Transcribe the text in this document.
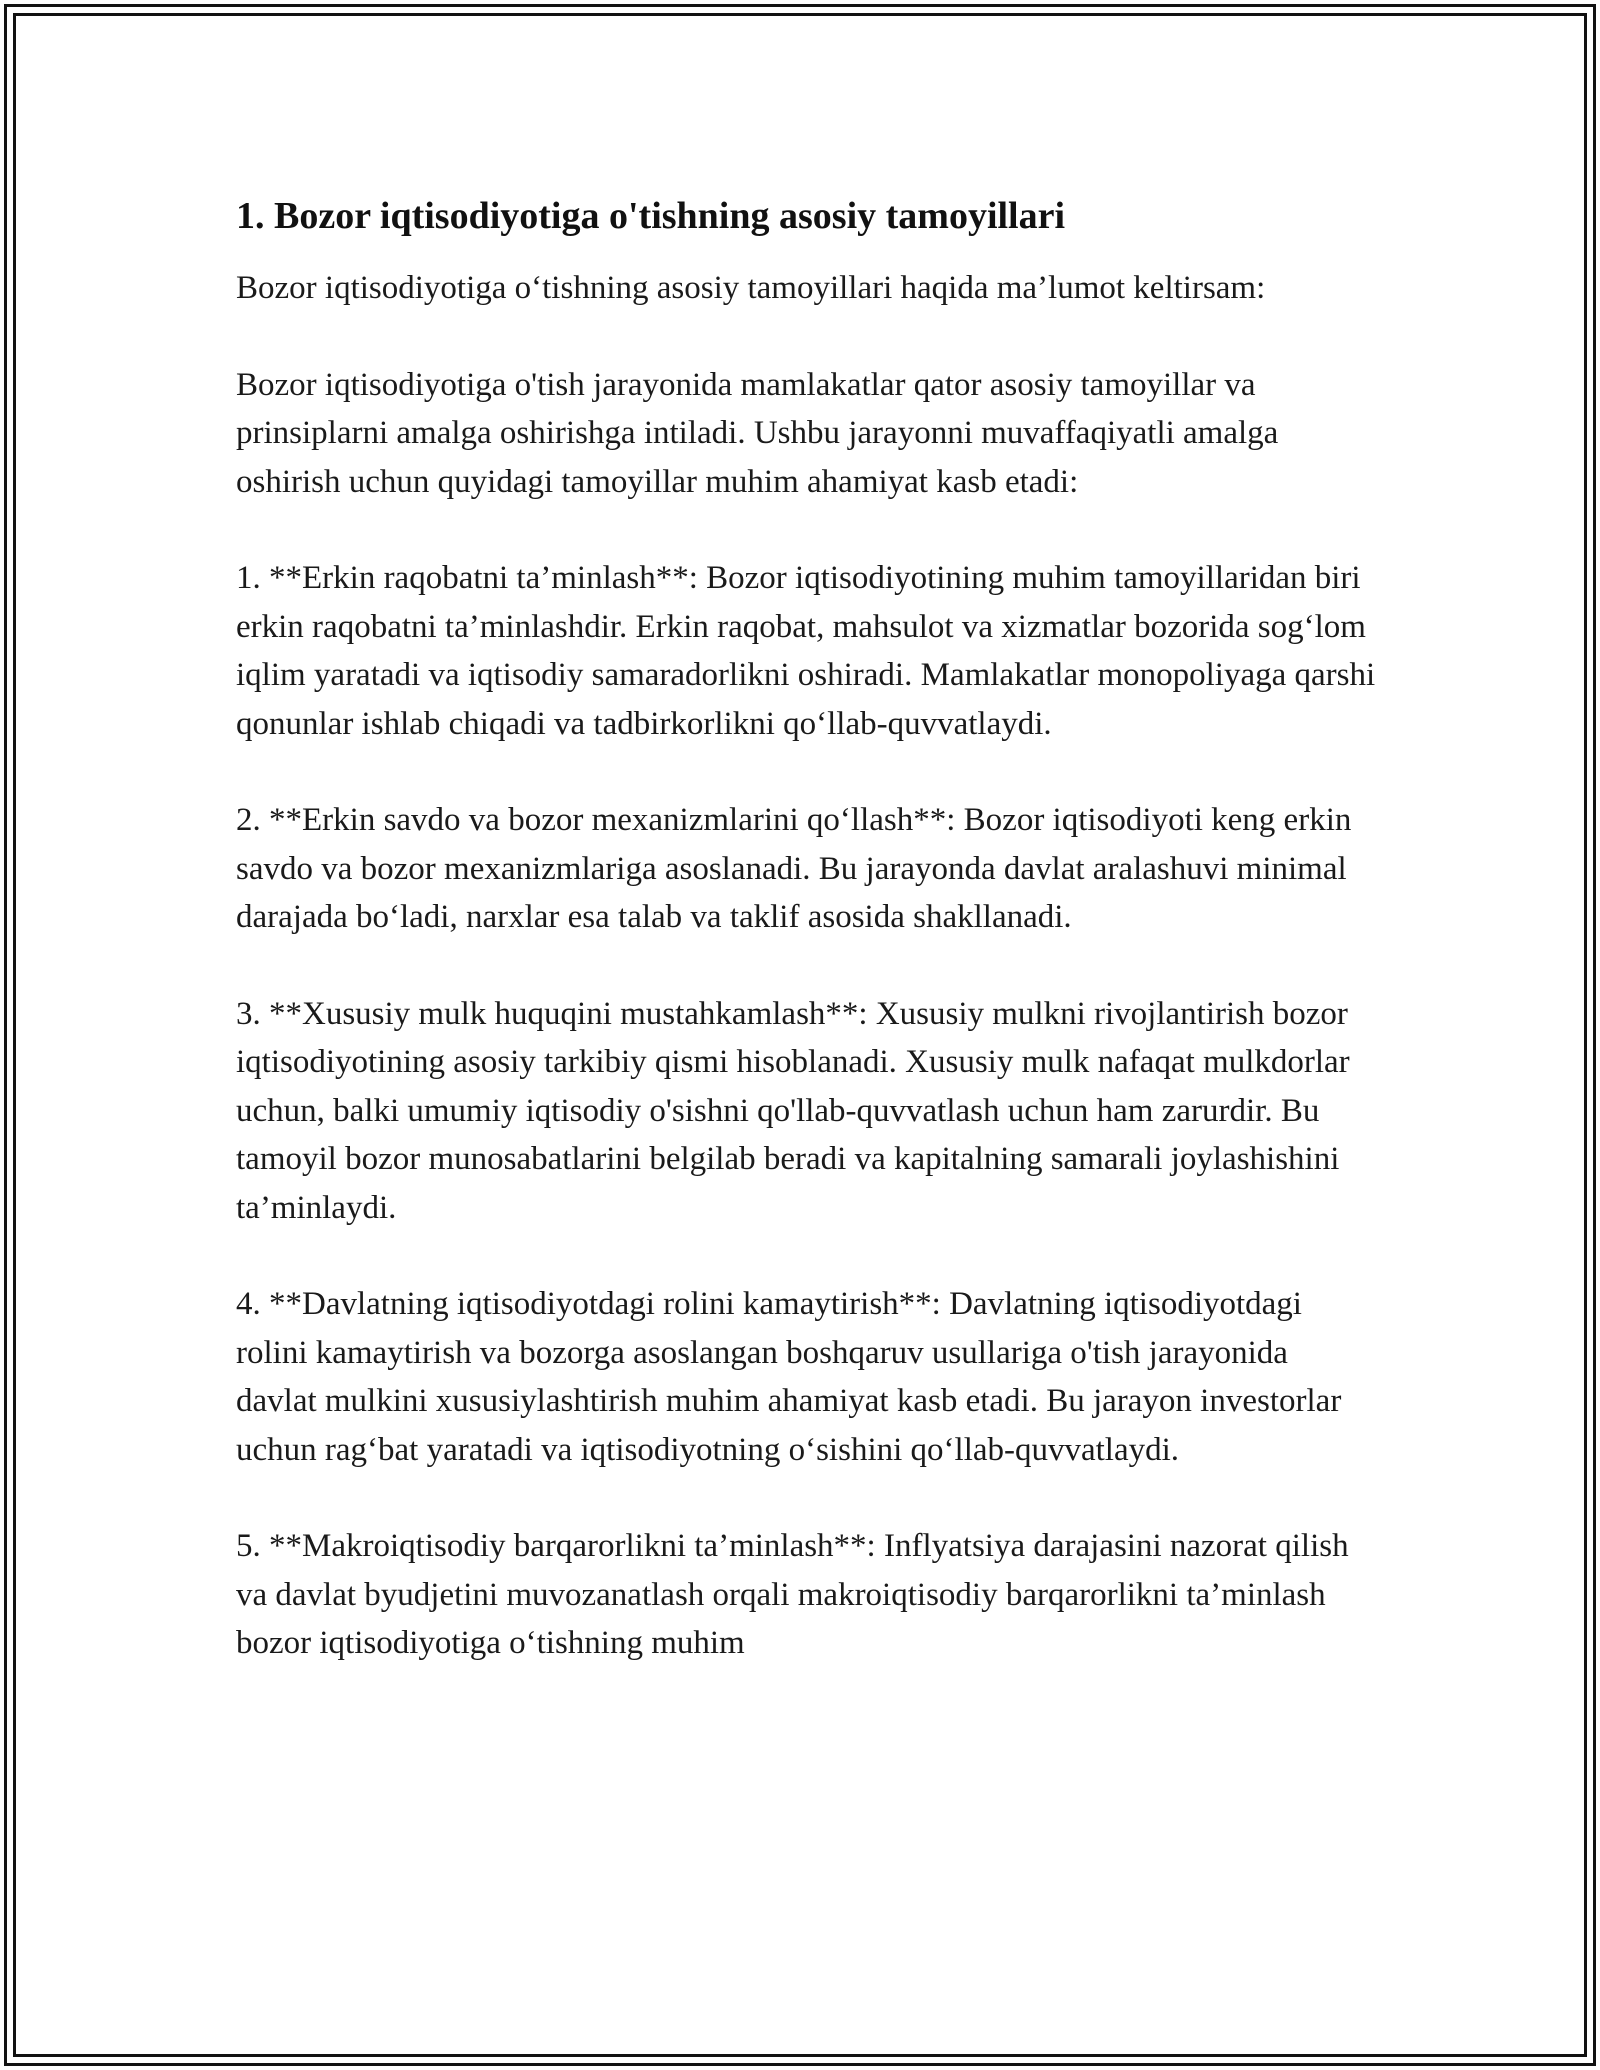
1. Bozor iqtisodiyotiga o'tishning asosiy tamoyillari

Bozor iqtisodiyotiga o‘tishning asosiy tamoyillari haqida ma’lumot keltirsam:

Bozor iqtisodiyotiga o'tish jarayonida mamlakatlar qator asosiy tamoyillar va prinsiplarni amalga oshirishga intiladi. Ushbu jarayonni muvaffaqiyatli amalga oshirish uchun quyidagi tamoyillar muhim ahamiyat kasb etadi:

1. **Erkin raqobatni ta’minlash**: Bozor iqtisodiyotining muhim tamoyillaridan biri erkin raqobatni ta’minlashdir. Erkin raqobat, mahsulot va xizmatlar bozorida sog‘lom iqlim yaratadi va iqtisodiy samaradorlikni oshiradi. Mamlakatlar monopoliyaga qarshi qonunlar ishlab chiqadi va tadbirkorlikni qo‘llab-quvvatlaydi.

2. **Erkin savdo va bozor mexanizmlarini qo‘llash**: Bozor iqtisodiyoti keng erkin savdo va bozor mexanizmlariga asoslanadi. Bu jarayonda davlat aralashuvi minimal darajada bo‘ladi, narxlar esa talab va taklif asosida shakllanadi.

3. **Xususiy mulk huquqini mustahkamlash**: Xususiy mulkni rivojlantirish bozor iqtisodiyotining asosiy tarkibiy qismi hisoblanadi. Xususiy mulk nafaqat mulkdorlar uchun, balki umumiy iqtisodiy o'sishni qo'llab-quvvatlash uchun ham zarurdir. Bu tamoyil bozor munosabatlarini belgilab beradi va kapitalning samarali joylashishini ta’minlaydi.

4. **Davlatning iqtisodiyotdagi rolini kamaytirish**: Davlatning iqtisodiyotdagi rolini kamaytirish va bozorga asoslangan boshqaruv usullariga o'tish jarayonida davlat mulkini xususiylashtirish muhim ahamiyat kasb etadi. Bu jarayon investorlar uchun rag‘bat yaratadi va iqtisodiyotning o‘sishini qo‘llab-quvvatlaydi.

5. **Makroiqtisodiy barqarorlikni ta’minlash**: Inflyatsiya darajasini nazorat qilish va davlat byudjetini muvozanatlash orqali makroiqtisodiy barqarorlikni ta’minlash bozor iqtisodiyotiga o‘tishning muhim
